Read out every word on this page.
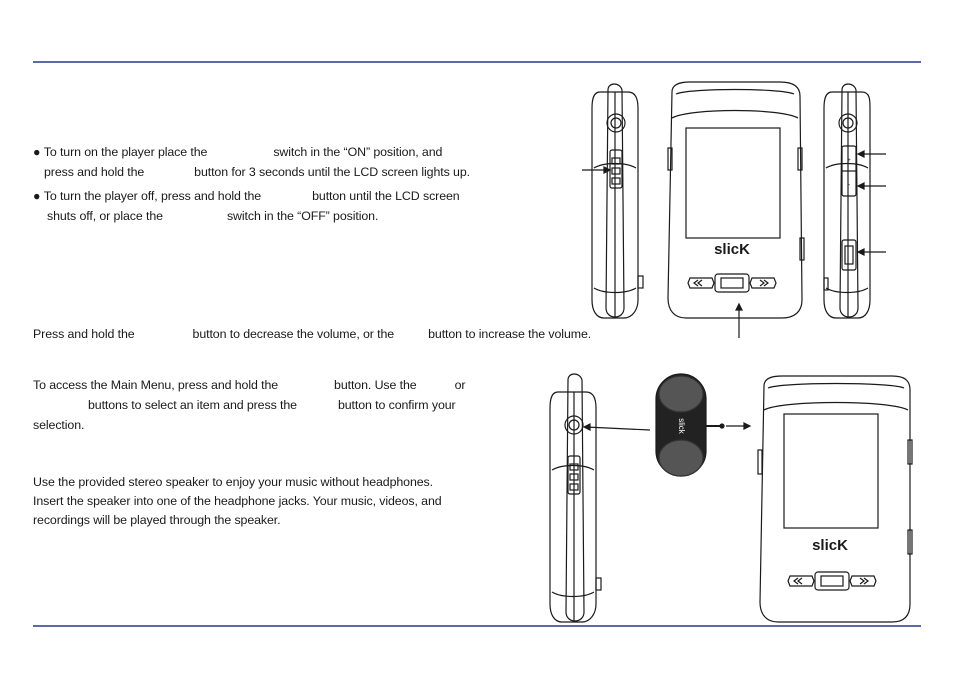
● To turn on the player place the	switch in the “ON” position, and

press and hold the	button for 3 seconds until the LCD screen lights up.

● To turn the player off, press and hold the	button until the LCD screen

shuts off, or place the	switch in the “OFF” position.

Press and hold the	button to decrease the volume, or the	button to increase the volume.

To access the Main Menu, press and hold the	button. Use the	or

buttons to select an item and press the	button to confirm your

selection.

Use the provided stereo speaker to enjoy your music without headphones.

Insert the speaker into one of the headphone jacks. Your music, videos, and

recordings will be played through the speaker.

slicK
+
-
slick
slicK
